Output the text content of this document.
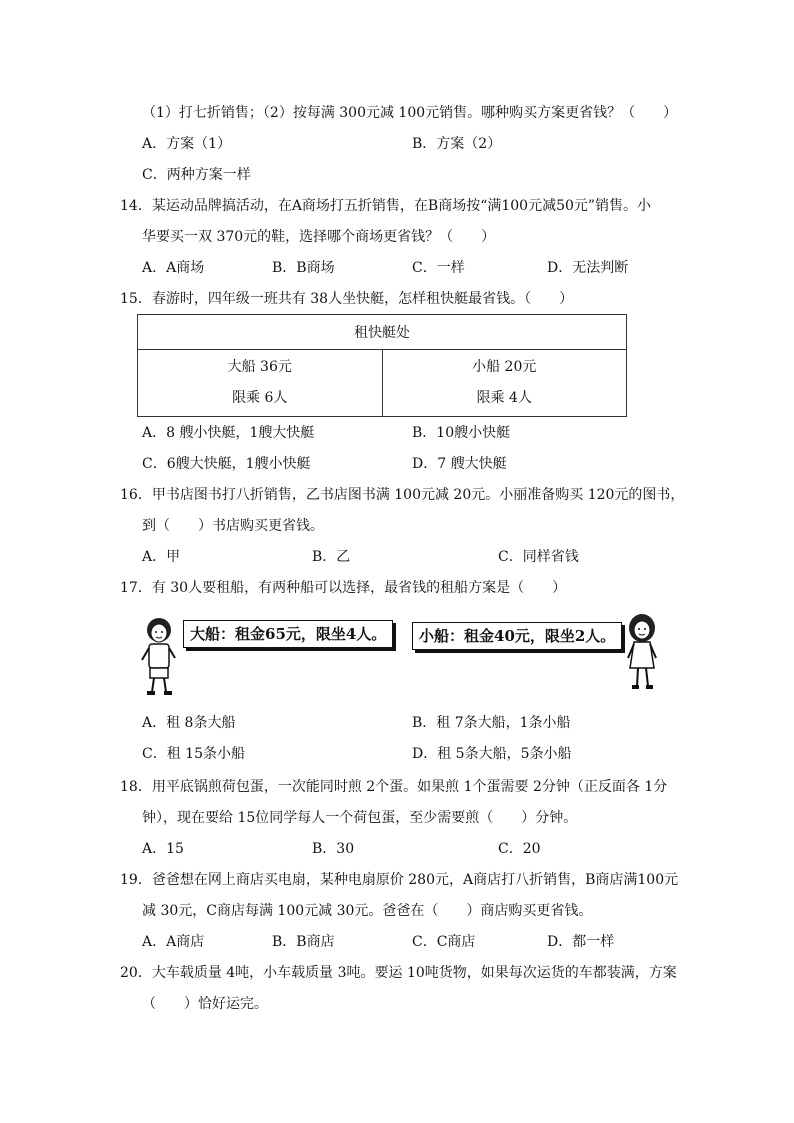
（1）打七折销售；（2）按每满 300元减 100元销售。哪种购买方案更省钱？（　　）
A．方案（1）	B．方案（2）
C．两种方案一样
14．某运动品牌搞活动，在A商场打五折销售，在B商场按“满100元减50元”销售。小
华要买一双 370元的鞋，选择哪个商场更省钱？（　　）
A．A商场	B．B商场	C．一样	D．无法判断
15．春游时，四年级一班共有 38人坐快艇，怎样租快艇最省钱。（　　）
租快艇处

大船 36元
限乘 6人

小船 20元
限乘 4人
A．8 艘小快艇，1艘大快艇	B．10艘小快艇
C．6艘大快艇，1艘小快艇	D．7 艘大快艇
16．甲书店图书打八折销售，乙书店图书满 100元减 20元。小丽准备购买 120元的图书，
到（　　）书店购买更省钱。
A．甲	B．乙	C．同样省钱
17．有 30人要租船，有两种船可以选择，最省钱的租船方案是（　　）
大船：租金65元，限坐4人。	小船：租金40元，限坐2人。
A．租 8条大船	B．租 7条大船，1条小船
C．租 15条小船	D．租 5条大船，5条小船
18．用平底锅煎荷包蛋，一次能同时煎 2个蛋。如果煎 1个蛋需要 2分钟（正反面各 1分
钟），现在要给 15位同学每人一个荷包蛋，至少需要煎（　　）分钟。
A．15	B．30	C．20
19．爸爸想在网上商店买电扇，某种电扇原价 280元，A商店打八折销售，B商店满100元
减 30元，C商店每满 100元减 30元。爸爸在（　　）商店购买更省钱。
A．A商店	B．B商店	C．C商店	D．都一样
20．大车载质量 4吨，小车载质量 3吨。要运 10吨货物，如果每次运货的车都装满，方案
（　　）恰好运完。
